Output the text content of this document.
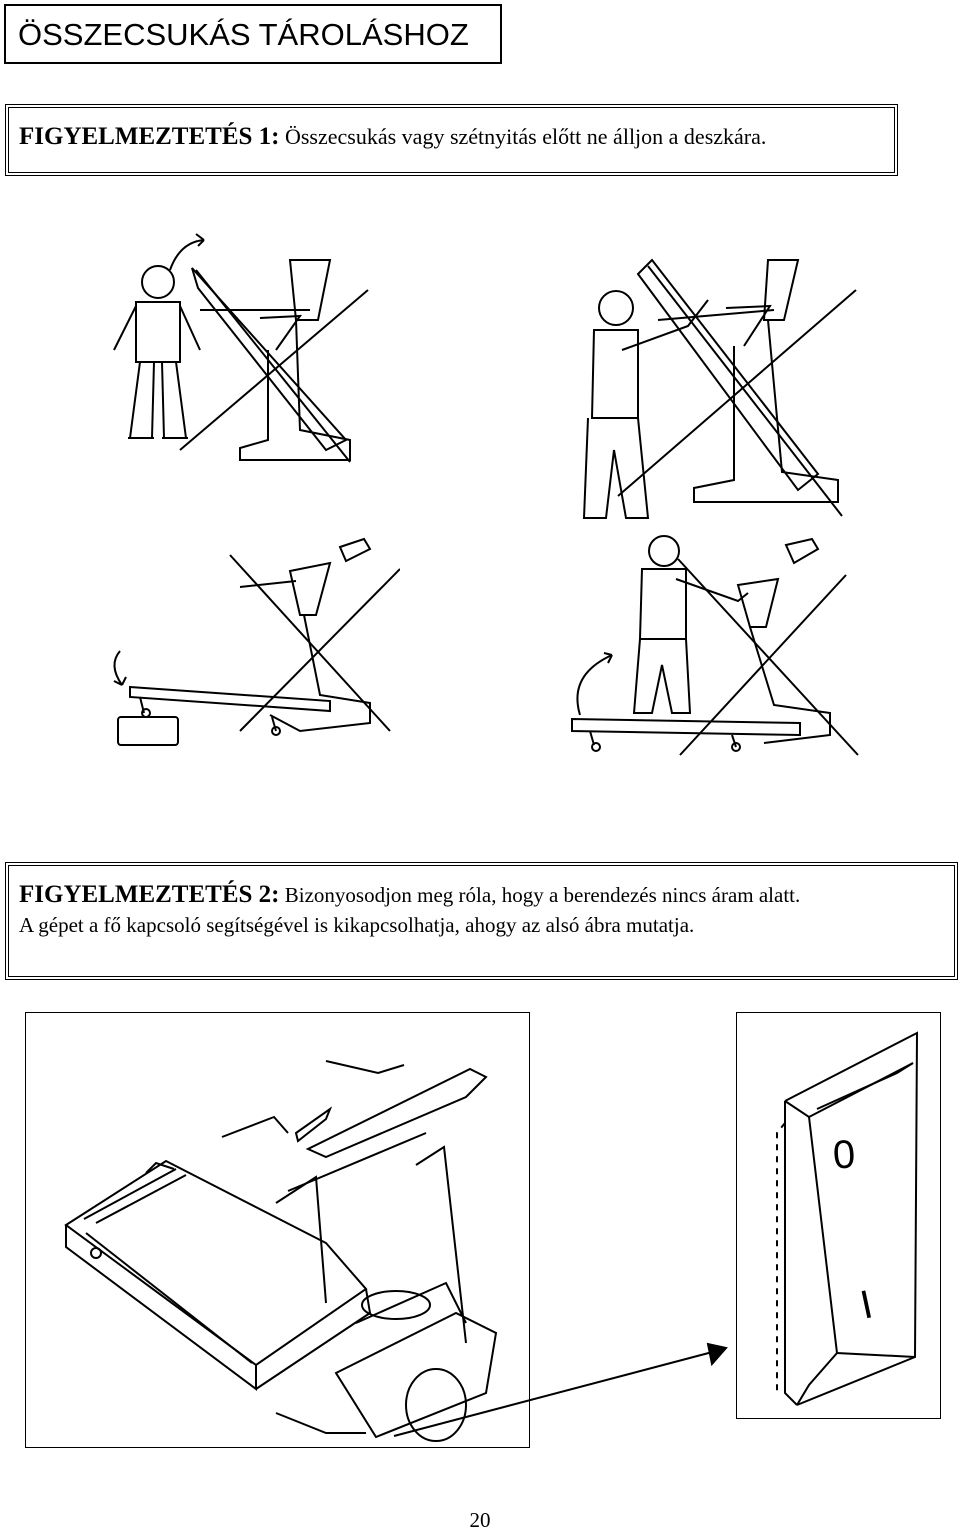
ÖSSZECSUKÁS TÁROLÁSHOZ
FIGYELMEZTETÉS 1: Összecsukás vagy szétnyitás előtt ne álljon a deszkára.
FIGYELMEZTETÉS 2: Bizonyosodjon meg róla, hogy a berendezés nincs áram alatt.
A gépet a fő kapcsoló segítségével is kikapcsolhatja, ahogy az alsó ábra mutatja.
0
I
20
